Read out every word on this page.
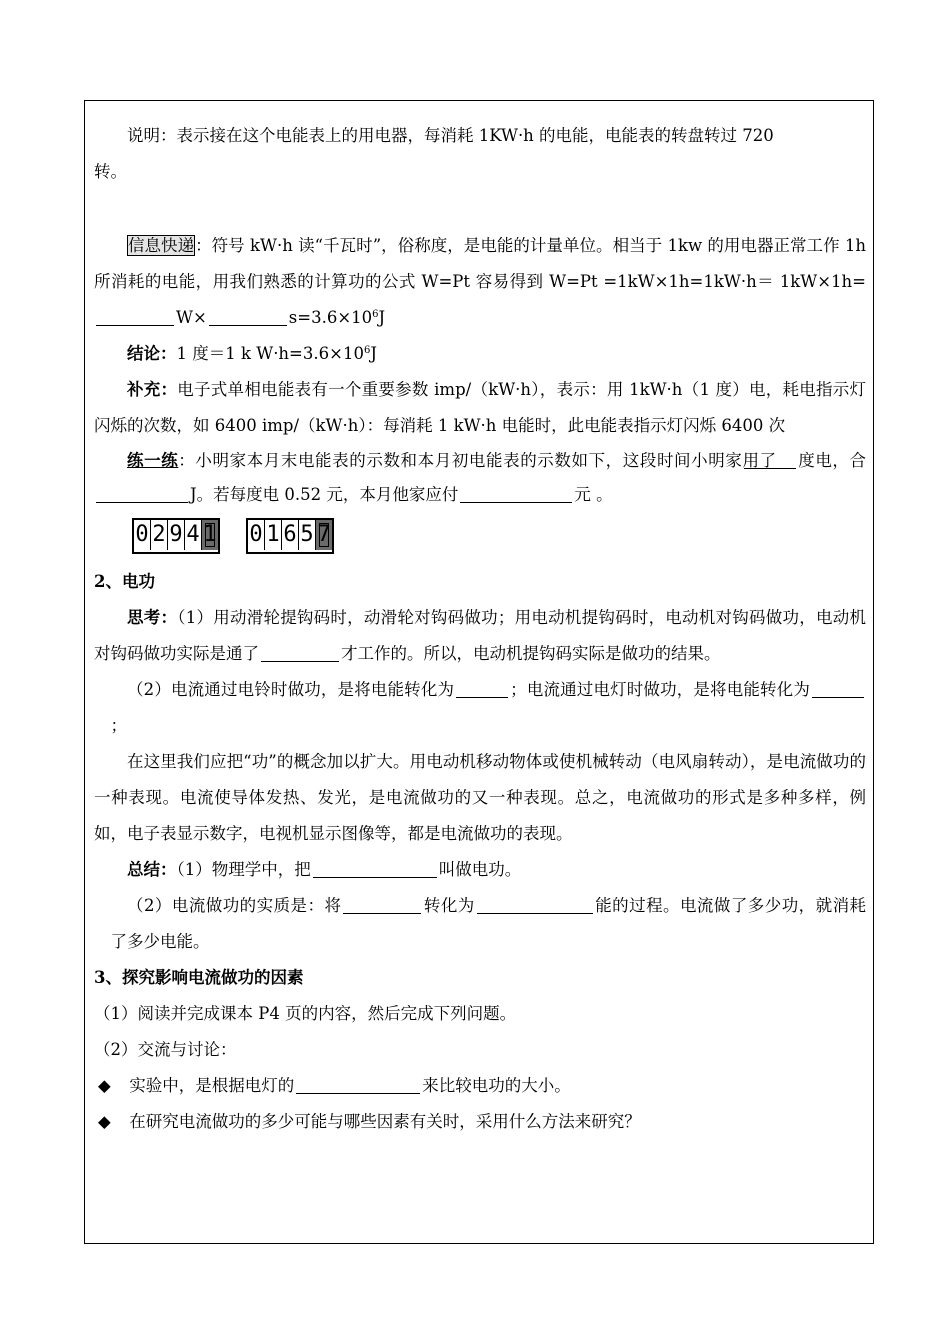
说明：表示接在这个电能表上的用电器，每消耗 1KW·h 的电能，电能表的转盘转过 720

转。

信息快递：符号 kW·h 读“千瓦时”，俗称度，是电能的计量单位。相当于 1kw 的用电器正常工作 1h 所消耗的电能，用我们熟悉的计算功的公式 W=Pt 容易得到 W=Pt =1kW×1h=1kW·h＝ 1kW×1h=W×	$s=3.6\times 10^6J$

结论：1 度＝1 k $W\cdot h=3.6\times 10^6J$

补充：电子式单相电能表有一个重要参数 imp/（kW·h），表示：用 1kW·h（1 度）电，耗电指示灯闪烁的次数，如 6400 imp/（kW·h）：每消耗 1 kW·h 电能时，此电能表指示灯闪烁 6400 次

练一练：小明家本月末电能表的示数和本月初电能表的示数如下，这段时间小明家用了 度电，合J。若每度电 0.52 元，本月他家应付	元 。

0 2 9 4 1 0 1 6 5 7

2、电功

思考：（1）用动滑轮提钩码时，动滑轮对钩码做功；用电动机提钩码时，电动机对钩码做功，电动机对钩码做功实际是通了	才工作的。所以，电动机提钩码实际是做功的结果。

（2）电流通过电铃时做功，是将电能转化为	；电流通过电灯时做功，是将电能转化为；

在这里我们应把“功”的概念加以扩大。用电动机移动物体或使机械转动（电风扇转动），是电流做功的一种表现。电流使导体发热、发光，是电流做功的又一种表现。总之，电流做功的形式是多种多样，例如，电子表显示数字，电视机显示图像等，都是电流做功的表现。

总结：（1）物理学中，把	叫做电功。

（2）电流做功的实质是：将	转化为	能的过程。电流做了多少功，就消耗了多少电能。

3、探究影响电流做功的因素

（1）阅读并完成课本 P4 页的内容，然后完成下列问题。

（2）交流与讨论：

◆ 实验中，是根据电灯的	来比较电功的大小。

◆ 在研究电流做功的多少可能与哪些因素有关时，采用什么方法来研究？
